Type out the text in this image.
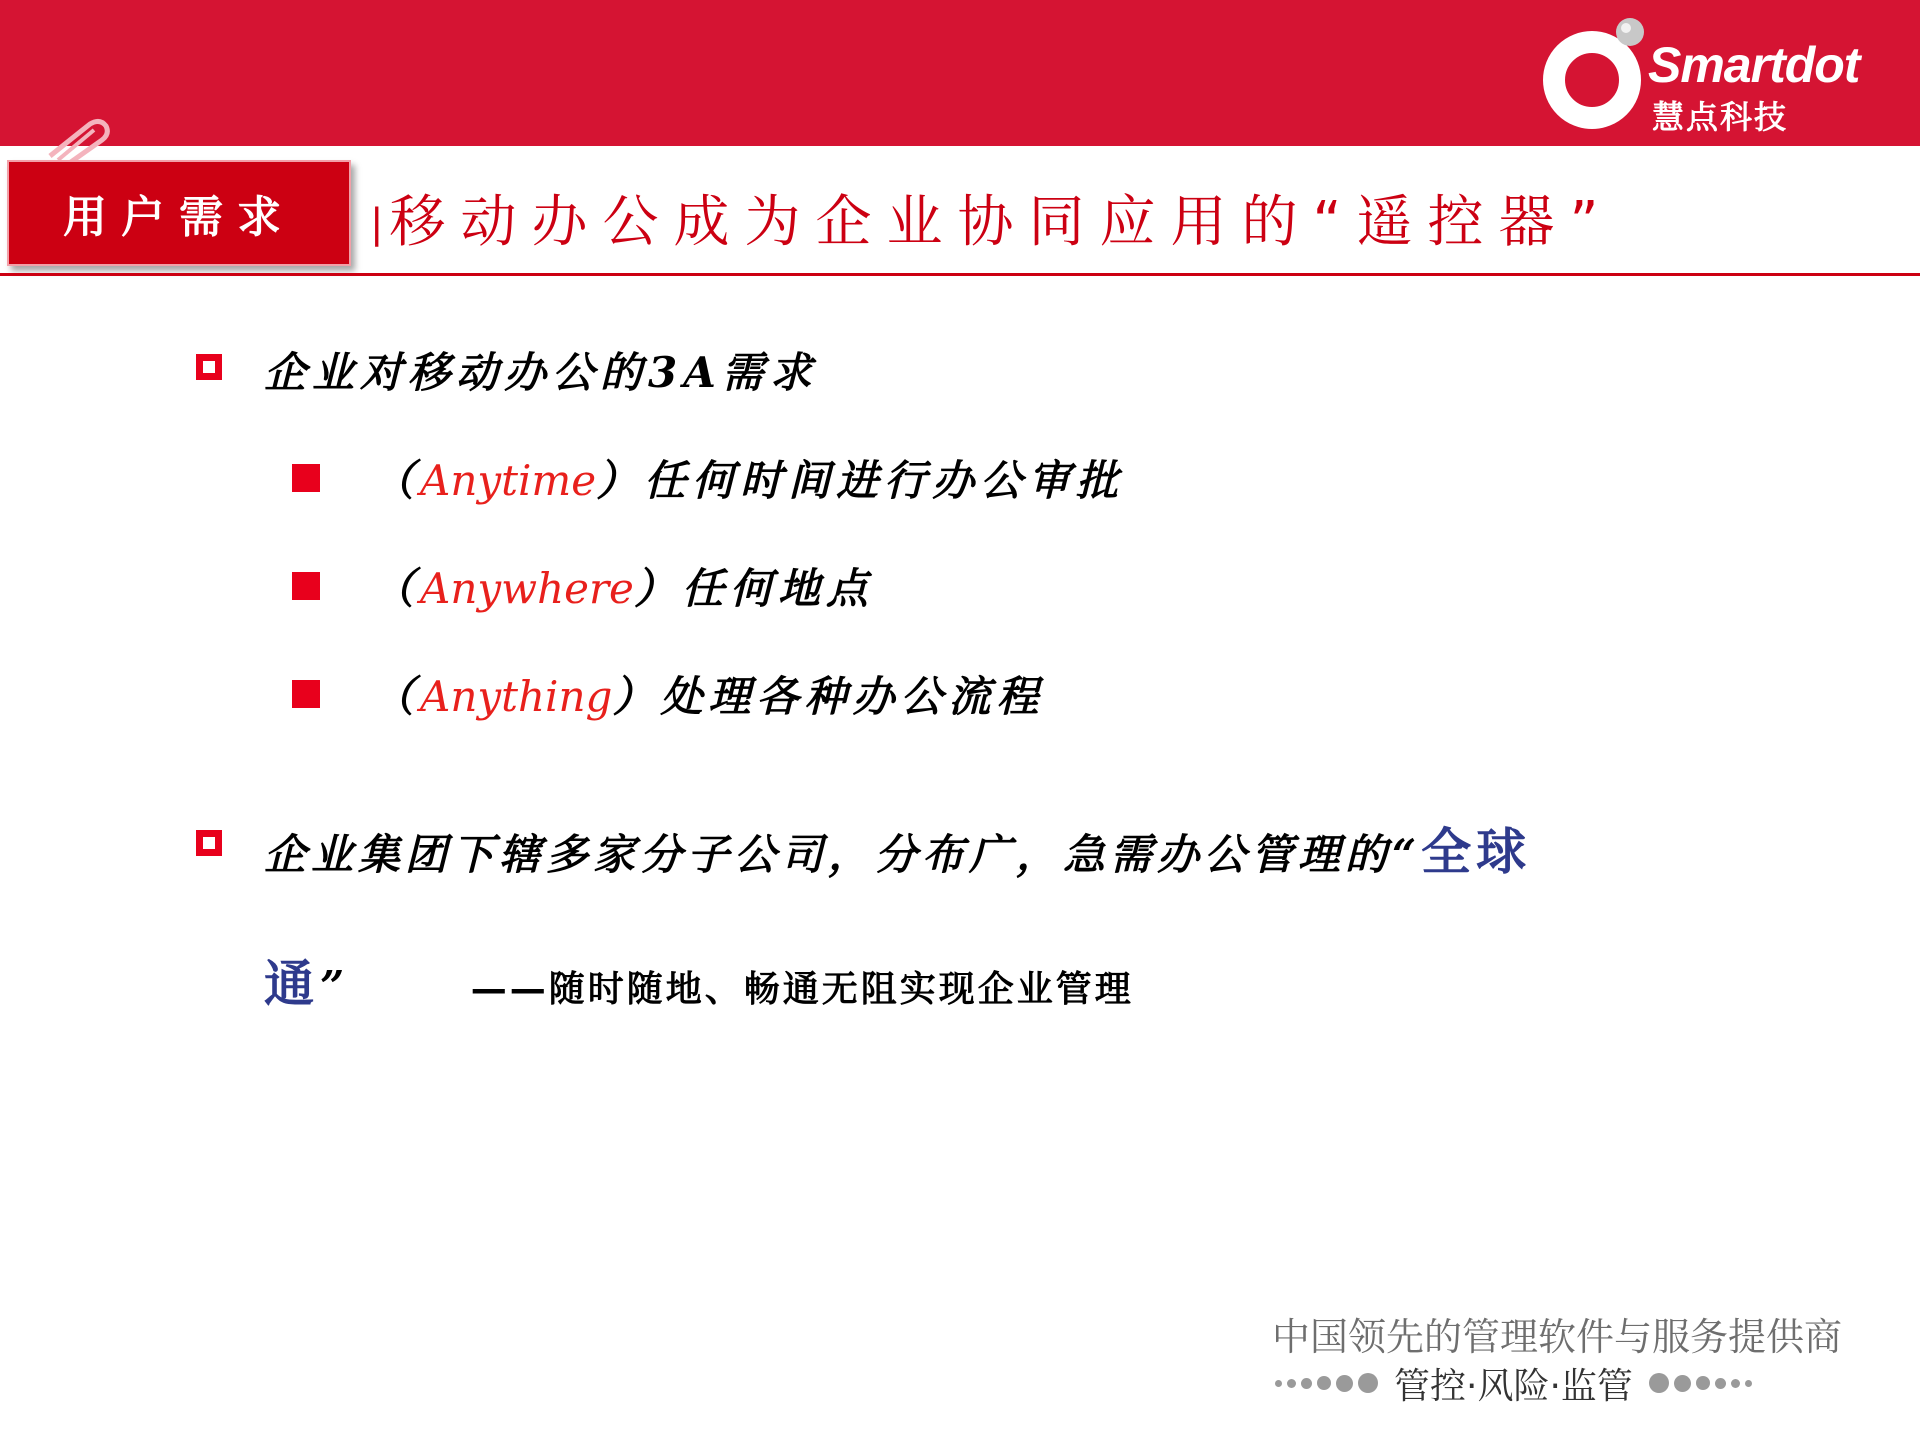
Smartdot
慧点科技
用户需求 |移动办公成为企业协同应用的“遥控器”
企业对移动办公的3A需求
（Anytime）任何时间进行办公审批
（Anywhere）任何地点
（Anything）处理各种办公流程
企业集团下辖多家分子公司，分布广，急需办公管理的“全球
通”	——随时随地、畅通无阻实现企业管理
中国领先的管理软件与服务提供商
管控·风险·监管
